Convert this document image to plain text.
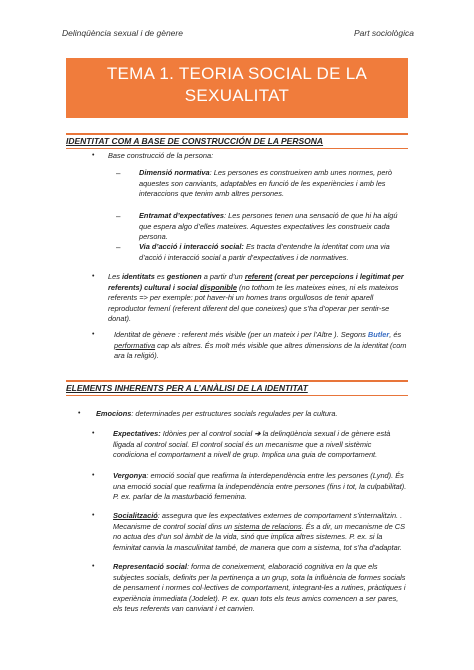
Delinqüència sexual i de gènere	Part sociològica
TEMA 1. TEORIA SOCIAL DE LA
SEXUALITAT
IDENTITAT COM A BASE DE CONSTRUCCIÓN DE LA PERSONA
• Base construcció de la persona:
–	Dimensió normativa: Les persones es construeixen amb unes normes, però aquestes son canviants, adaptables en funció de les experiències i amb les interaccions que tenim amb altres persones.
–	Entramat d’expectatives: Les persones tenen una sensació de que hi ha algú que espera algo d’elles mateixes. Aquestes expectatives les construeix cada persona.
–	Via d’acció i interacció social: Es tracta d’entendre la identitat com una via d’acció i interacció social a partir d’expectatives i de normatives.
• Les identitats es gestionen a partir d’un referent (creat per percepcions i legitimat per referents) cultural i social disponible (no tothom te les mateixes eines, ni els mateixos referents => per exemple: pot haver-hi un homes trans orgullosos de tenir aparell reproductor femení (referent diferent del que coneixes) que s’ha d’operar per sentir-se donat).
•	Identitat de gènere : referent més visible (per un mateix i per l’Altre ). Segons Butler, és performativa cap als altres. És molt més visible que altres dimensions de la identitat (com ara la religió).
ELEMENTS INHERENTS PER A L’ANÀLISI DE LA IDENTITAT
• Emocions: determinades per estructures socials regulades per la cultura.
•	Expectatives: Idònies per al control social ➔ la delinqüència sexual i de gènere està lligada al control social. El control social és un mecanisme que a nivell sistèmic condiciona el comportament a nivell de grup. Implica una guia de comportament.
•	Vergonya: emoció social que reafirma la interdependència entre les persones (Lynd). És una emoció social que reafirma la independència entre persones (fins i tot, la culpabilitat). P. ex. parlar de la masturbació femenina.
•	Socialització: assegura que les expectatives externes de comportament s’internalitzin. . Mecanisme de control social dins un sistema de relacions. És a dir, un mecanisme de CS no actua des d’un sol àmbit de la vida, sinó que implica altres sistemes. P. ex. si la feminitat canvia la masculinitat també, de manera que com a sistema, tot s’ha d’adaptar.
•	Representació social: forma de coneixement, elaboració cognitiva en la que els subjectes socials, definits per la pertinença a un grup, sota la influència de formes socials de pensament i normes col·lectives de comportament, integrant-les a rutines, pràctiques i experiència immediata (Jodelet). P. ex. quan tots els teus amics comencen a ser pares, els teus referents van canviant i et canvien.
